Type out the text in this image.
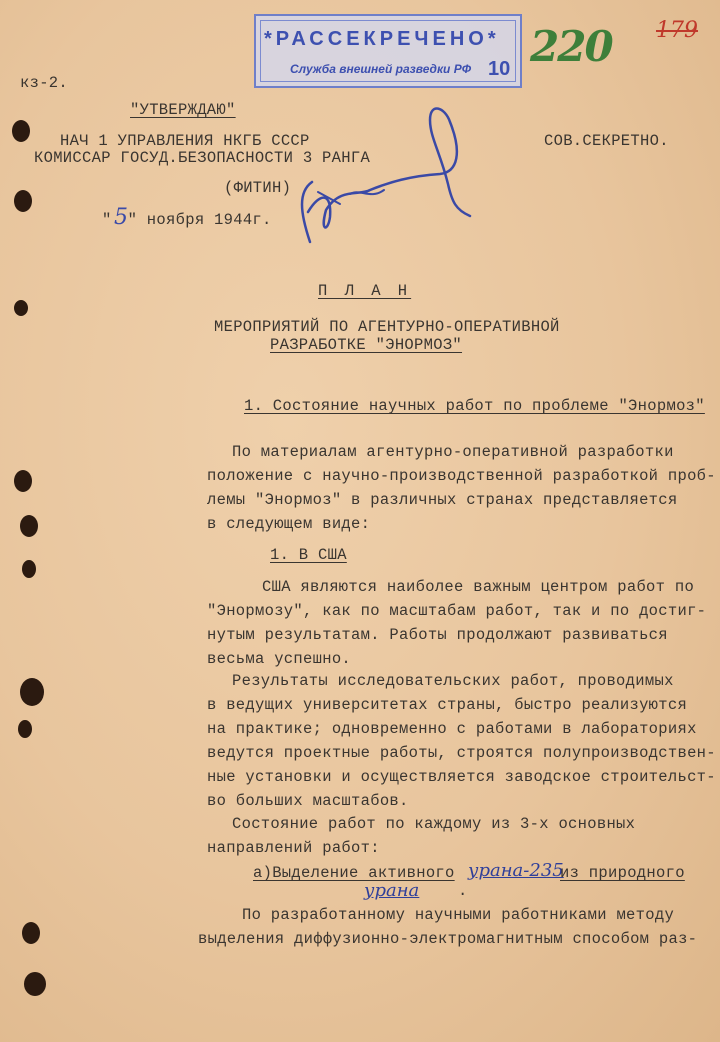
*РАССЕКРЕЧЕНО*
Служба внешней разведки РФ 10 220 179
кз-2.
"УТВЕРЖДАЮ"
НАЧ 1 УПРАВЛЕНИЯ НКГБ СССР
КОМИССАР ГОСУД.БЕЗОПАСНОСТИ 3 РАНГА
(ФИТИН)
СОВ.СЕКРЕТНО.
" " ноября 1944г.
5
П Л А Н
МЕРОПРИЯТИЙ ПО АГЕНТУРНО-ОПЕРАТИВНОЙ
РАЗРАБОТКЕ "ЭНОРМОЗ"
1. Состояние научных работ по проблеме "Энормоз"
По материалам агентурно-оперативной разработки
положение с научно-производственной разработкой проб-
лемы "Энормоз" в различных странах представляется
в следующем виде:
1. В США
США являются наиболее важным центром работ по
"Энормозу", как по масштабам работ, так и по достиг-
нутым результатам. Работы продолжают развиваться
весьма успешно.
Результаты исследовательских работ, проводимых
в ведущих университетах страны, быстро реализуются
на практике; одновременно с работами в лабораториях
ведутся проектные работы, строятся полупроизводствен-
ные установки и осуществляется заводское строительст-
во больших масштабов.
Состояние работ по каждому из 3-х основных
направлений работ:
а)Выделение активного урана-235
из природного
урана .
По разработанному научными работниками методу
выделения диффузионно-электромагнитным способом раз-
